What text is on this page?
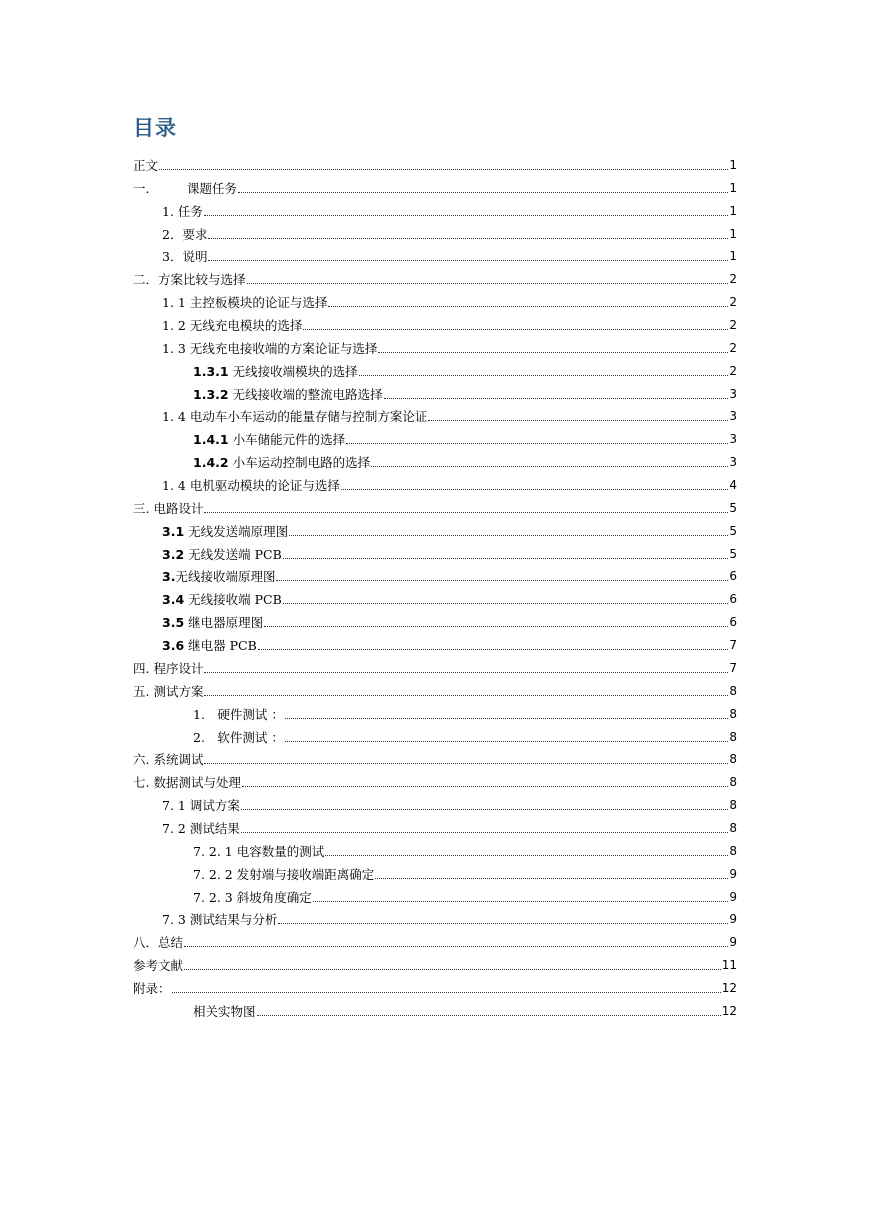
目录
正文	1
一.　　　课题任务	1
1. 任务	1
2．要求	1
3．说明	1
二．方案比较与选择	2
1. 1 主控板模块的论证与选择	2
1. 2 无线充电模块的选择	2
1. 3 无线充电接收端的方案论证与选择	2
1.3.1 无线接收端模块的选择	2
1.3.2 无线接收端的整流电路选择	3
1. 4 电动车小车运动的能量存储与控制方案论证	3
1.4.1 小车储能元件的选择	3
1.4.2 小车运动控制电路的选择	3
1. 4 电机驱动模块的论证与选择	4
三. 电路设计	5
3.1 无线发送端原理图	5
3.2 无线发送端 PCB	5
3.无线接收端原理图	6
3.4 无线接收端 PCB	6
3.5 继电器原理图	6
3.6 继电器 PCB	7
四. 程序设计	7
五. 测试方案	8
1.　硬件测试 ：	8
2.　软件测试 ：	8
六. 系统调试	8
七. 数据测试与处理	8
7. 1 调试方案	8
7. 2 测试结果	8
7. 2. 1 电容数量的测试	8
7. 2. 2 发射端与接收端距离确定	9
7. 2. 3 斜坡角度确定	9
7. 3 测试结果与分析	9
八．总结	9
参考文献	11
附录：	12
相关实物图	12
